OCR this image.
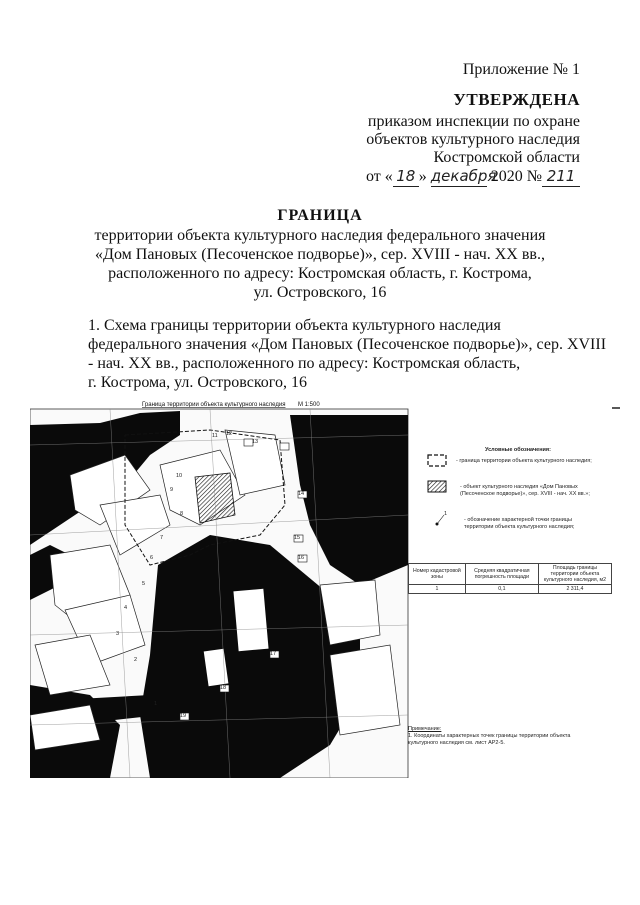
Приложение № 1
УТВЕРЖДЕНА
приказом инспекции по охране
объектов культурного наследия
Костромской области
от « 18 » декабря 2020 № 211
ГРАНИЦА
территории объекта культурного наследия федерального значения
«Дом Пановых (Песоченское подворье)», сер. XVIII - нач. XX вв.,
расположенного по адресу: Костромская область, г. Кострома,
ул. Островского, 16
1. Схема границы территории объекта культурного наследия
федерального значения «Дом Пановых (Песоченское подворье)», сер. XVIII
- нач. XX вв., расположенного по адресу: Костромская область,
г. Кострома, ул. Островского, 16
Граница территории объекта культурного наследия М 1:500
Условные обозначения:
- граница территории объекта культурного наследия;
- объект культурного наследия «Дом Пановых
(Песоченское подворье)», сер. XVIII - нач. XX вв.»;
1
- обозначение характерной точки границы
территории объекта культурного наследия;
Номер кадастровой зоны	Средняя квадратичная погрешность площади	Площадь границы территории объекта культурного наследия, м2
1	0,1	2 311,4
Примечание:
1. Координаты характерных точек границы территории объекта
культурного наследия см. лист АР2-5.
12
13
14
15
16
17
18
19
1
2
3
4
5
6
7
8
9
10
11
